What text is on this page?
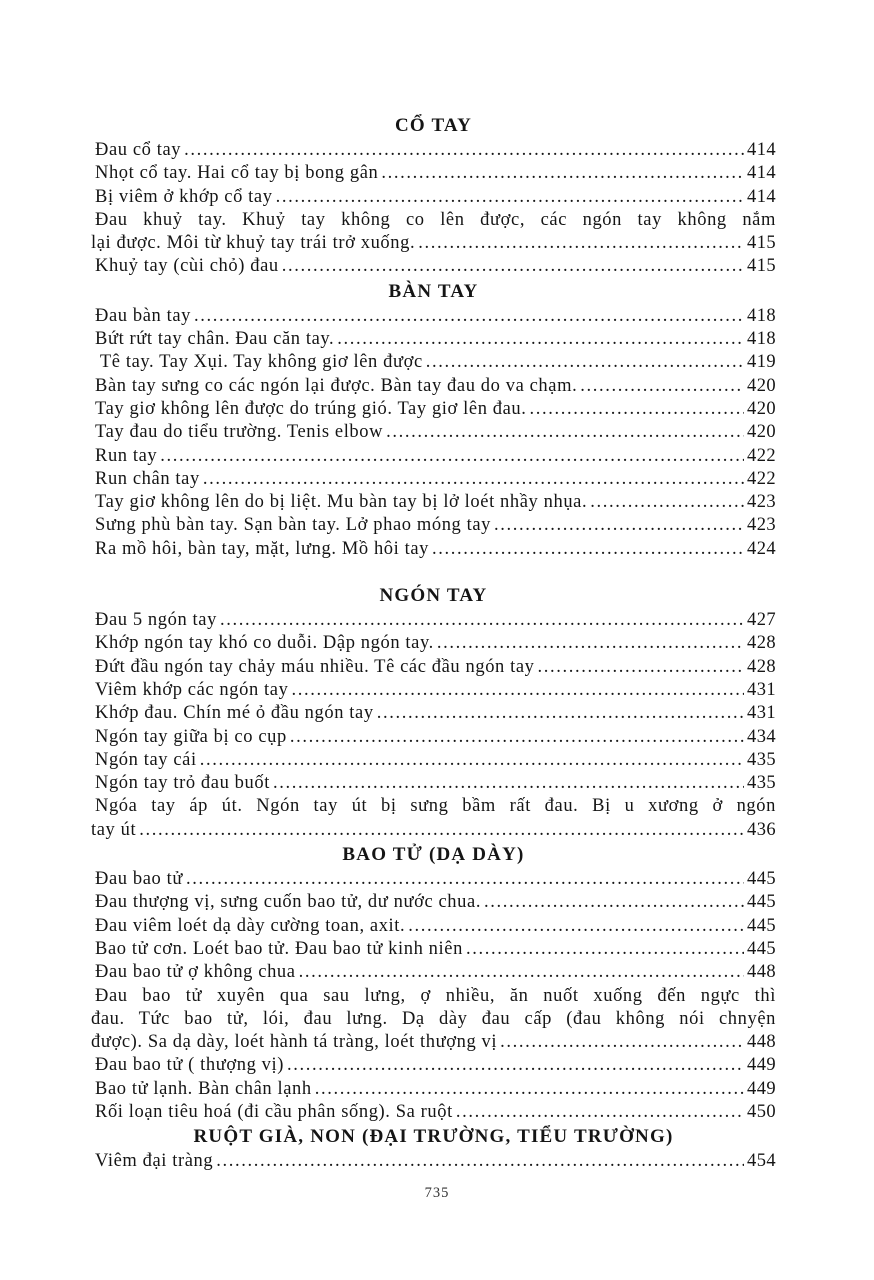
CỔ TAY
Đau cổ tay . . .	414
Nhọt cổ tay. Hai cổ tay bị bong gân . . .	414
Bị viêm ở khớp cổ tay . . .	414
Đau khuỷ tay. Khuỷ tay không co lên được, các ngón tay không nắm
lại được. Môi từ khuỷ tay trái trở xuống. . . .	415
Khuỷ tay (cùi chỏ) đau . . .	415
BÀN TAY
Đau bàn tay . . .	418
Bứt rứt tay chân. Đau căn tay. . . .	418
Tê tay. Tay Xụi. Tay không giơ lên được . . .	419
Bàn tay sưng co các ngón lại được. Bàn tay đau do va chạm. . . .	420
Tay giơ không lên được do trúng gió. Tay giơ lên đau. . . .	420
Tay đau do tiểu trường. Tenis elbow . . .	420
Run tay . . .	422
Run chân tay . . .	422
Tay giơ không lên do bị liệt. Mu bàn tay bị lở loét nhầy nhụa. . . .	423
Sưng phù bàn tay. Sạn bàn tay. Lở phao móng tay . . .	423
Ra mồ hôi, bàn tay, mặt, lưng. Mồ hôi tay . . .	424
NGÓN TAY
Đau 5 ngón tay . . .	427
Khớp ngón tay khó co duỗi. Dập ngón tay. . . .	428
Đứt đầu ngón tay chảy máu nhiều. Tê các đầu ngón tay . . .	428
Viêm khớp các ngón tay . . .	431
Khớp đau. Chín mé ỏ đầu ngón tay . . .	431
Ngón tay giữa bị co cụp . . .	434
Ngón tay cái . . .	435
Ngón tay trỏ đau buốt . . .	435
Ngóa tay áp út. Ngón tay út bị sưng bầm rất đau. Bị u xương ở ngón
tay út . . .	436
BAO TỬ (DẠ DÀY)
Đau bao tử . . .	445
Đau thượng vị, sưng cuốn bao tử, dư nước chua. . . .	445
Đau viêm loét dạ dày cường toan, axit. . . .	445
Bao tử cơn. Loét bao tử. Đau bao tử kinh niên . . .	445
Đau bao tử ợ không chua . . .	448
Đau bao tử xuyên qua sau lưng, ợ nhiều, ăn nuốt xuống đến ngực thì
đau. Tức bao tử, lói, đau lưng. Dạ dày đau cấp (đau không nói chnyện
được). Sa dạ dày, loét hành tá tràng, loét thượng vị . . .	448
Đau bao tử ( thượng vị) . . .	449
Bao tử lạnh. Bàn chân lạnh . . .	449
Rối loạn tiêu hoá (đi cầu phân sống). Sa ruột . . .	450
RUỘT GIÀ, NON (ĐẠI TRƯỜNG, TIỂU TRƯỜNG)
Viêm đại tràng . . .	454
735
